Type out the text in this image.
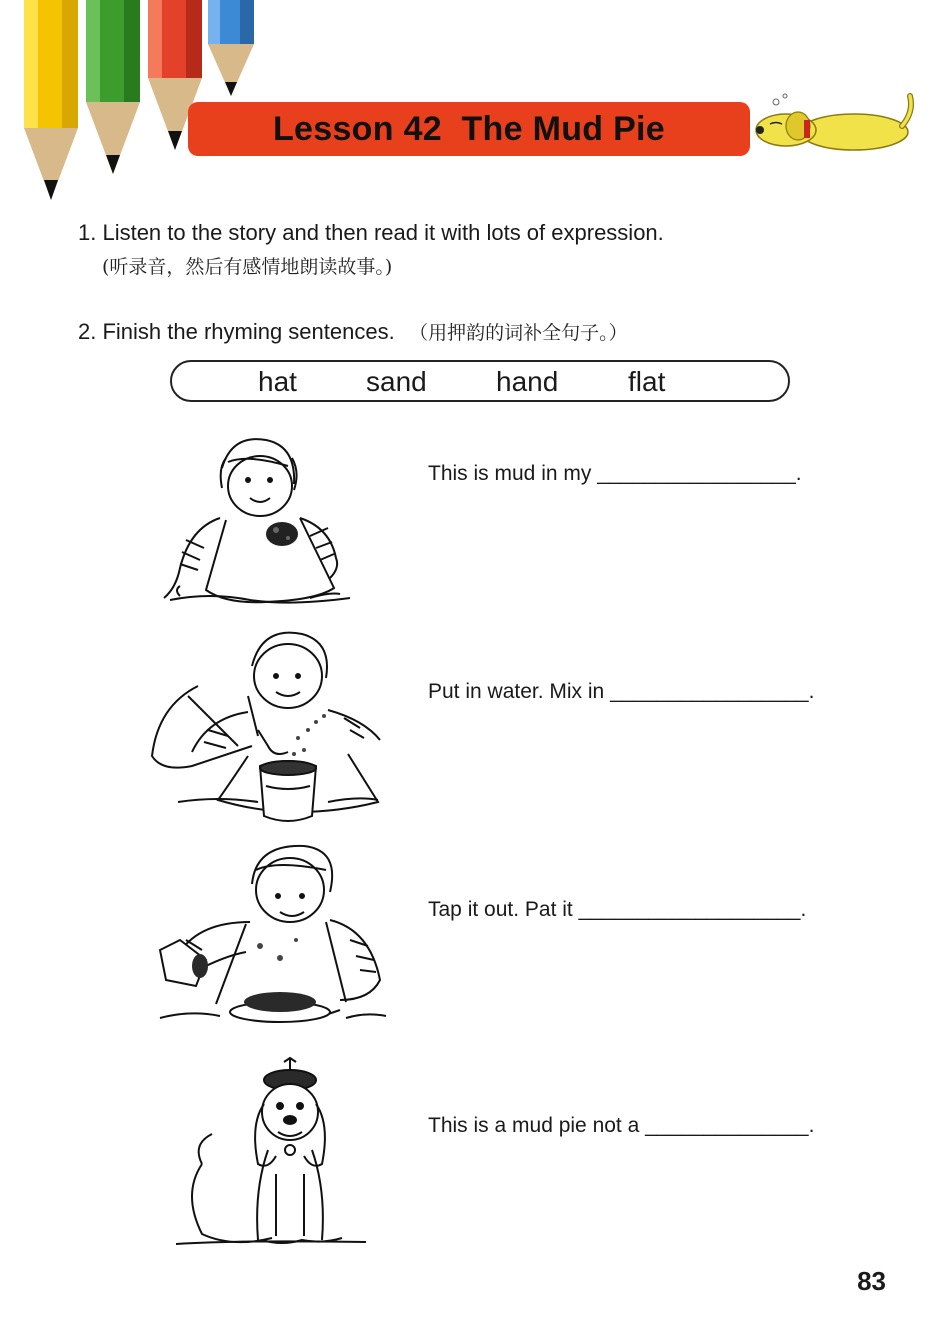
Lesson 42  The Mud Pie
1. Listen to the story and then read it with lots of expression.
(听录音，然后有感情地朗读故事。)
2. Finish the rhyming sentences. （用押韵的词补全句子。）
hat sand hand flat
This is mud in my _________________.
Put in water. Mix in _________________.
Tap it out. Pat it ___________________.
This is a mud pie not a ______________.
83
